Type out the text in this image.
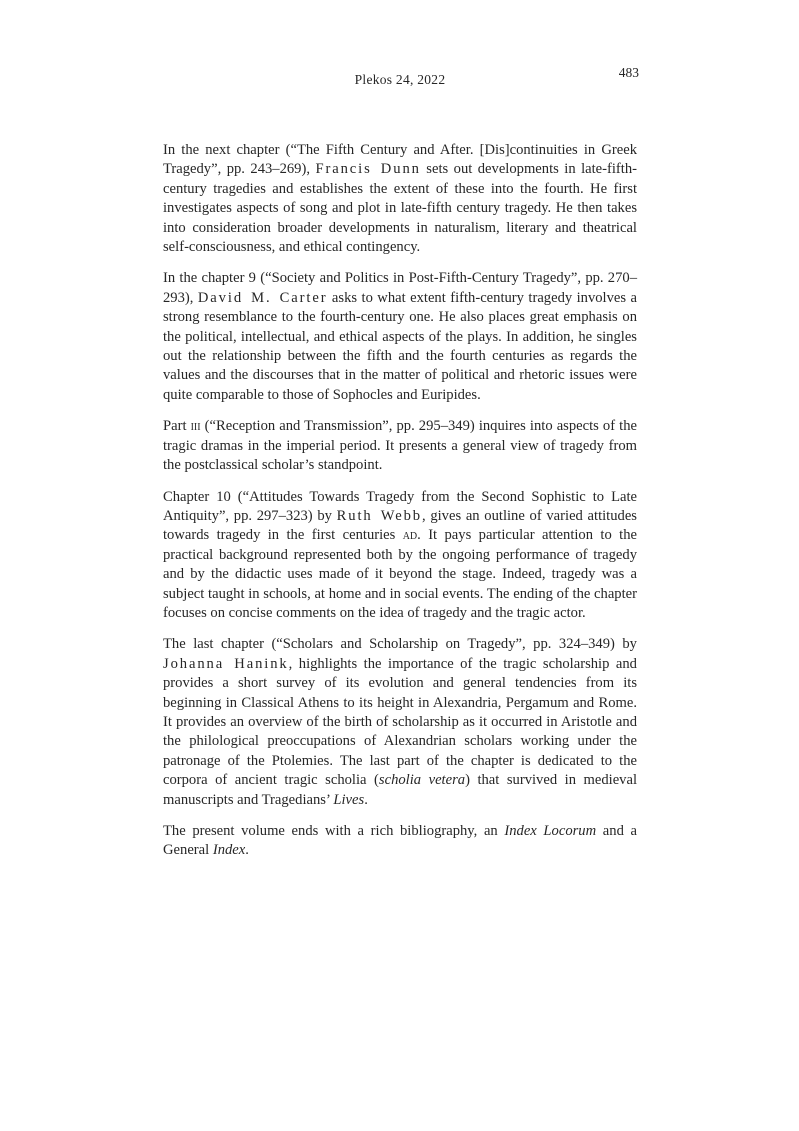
Plekos 24, 2022	483

In the next chapter (“The Fifth Century and After. [Dis]continuities in Greek Tragedy”, pp. 243–269), Francis Dunn sets out developments in late-fifth-century tragedies and establishes the extent of these into the fourth. He first investigates aspects of song and plot in late-fifth century tragedy. He then takes into consideration broader developments in naturalism, literary and theatrical self-consciousness, and ethical contingency.

In the chapter 9 (“Society and Politics in Post-Fifth-Century Tragedy”, pp. 270–293), David M. Carter asks to what extent fifth-century tragedy involves a strong resemblance to the fourth-century one. He also places great emphasis on the political, intellectual, and ethical aspects of the plays. In addition, he singles out the relationship between the fifth and the fourth centuries as regards the values and the discourses that in the matter of political and rhetoric issues were quite comparable to those of Sophocles and Euripides.

Part iii (“Reception and Transmission”, pp. 295–349) inquires into aspects of the tragic dramas in the imperial period. It presents a general view of tragedy from the postclassical scholar’s standpoint.

Chapter 10 (“Attitudes Towards Tragedy from the Second Sophistic to Late Antiquity”, pp. 297–323) by Ruth Webb, gives an outline of varied attitudes towards tragedy in the first centuries ad. It pays particular attention to the practical background represented both by the ongoing performance of tragedy and by the didactic uses made of it beyond the stage. Indeed, tragedy was a subject taught in schools, at home and in social events. The ending of the chapter focuses on concise comments on the idea of tragedy and the tragic actor.

The last chapter (“Scholars and Scholarship on Tragedy”, pp. 324–349) by Johanna Hanink, highlights the importance of the tragic scholarship and provides a short survey of its evolution and general tendencies from its beginning in Classical Athens to its height in Alexandria, Pergamum and Rome. It provides an overview of the birth of scholarship as it occurred in Aristotle and the philological preoccupations of Alexandrian scholars working under the patronage of the Ptolemies. The last part of the chapter is dedicated to the corpora of ancient tragic scholia (scholia vetera) that survived in medieval manuscripts and Tragedians’ Lives.

The present volume ends with a rich bibliography, an Index Locorum and a General Index.
